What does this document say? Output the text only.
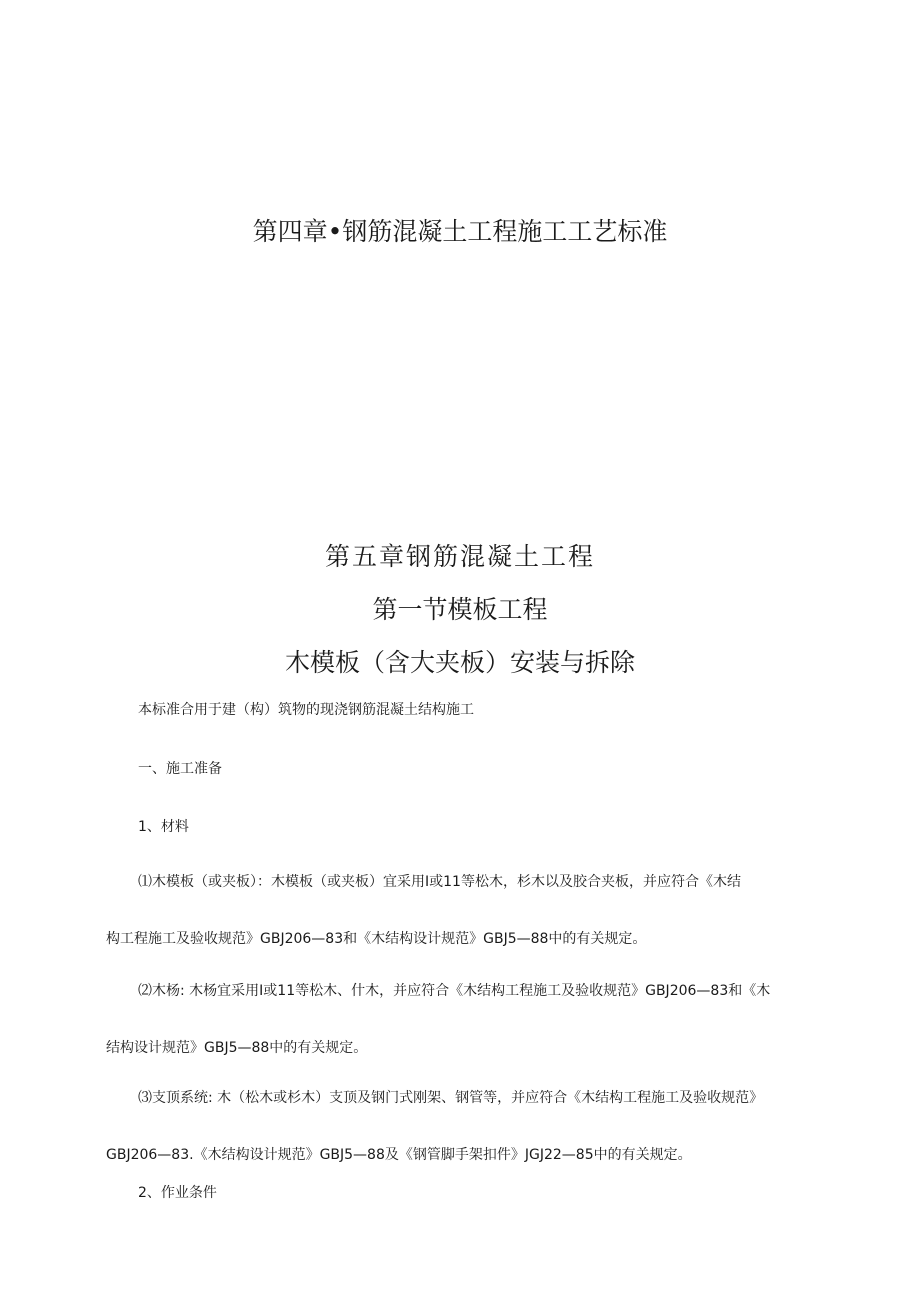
第四章•钢筋混凝土工程施工工艺标准
第五章钢筋混凝土工程
第一节模板工程
木模板（含大夹板）安装与拆除
本标准合用于建（构）筑物的现浇钢筋混凝土结构施工
一、施工准备
1、材料
⑴木模板（或夹板）：木模板（或夹板）宜采用I或11等松木，杉木以及胶合夹板，并应符合《木结
构工程施工及验收规范》GBJ206—83和《木结构设计规范》GBJ5—88中的有关规定。
⑵木杨: 木杨宜采用I或11等松木、什木，并应符合《木结构工程施工及验收规范》GBJ206—83和《木
结构设计规范》GBJ5—88中的有关规定。
⑶支顶系统: 木（松木或杉木）支顶及钢门式刚架、钢管等，并应符合《木结构工程施工及验收规范》
GBJ206—83.《木结构设计规范》GBJ5—88及《钢管脚手架扣件》JGJ22—85中的有关规定。
2、作业条件
